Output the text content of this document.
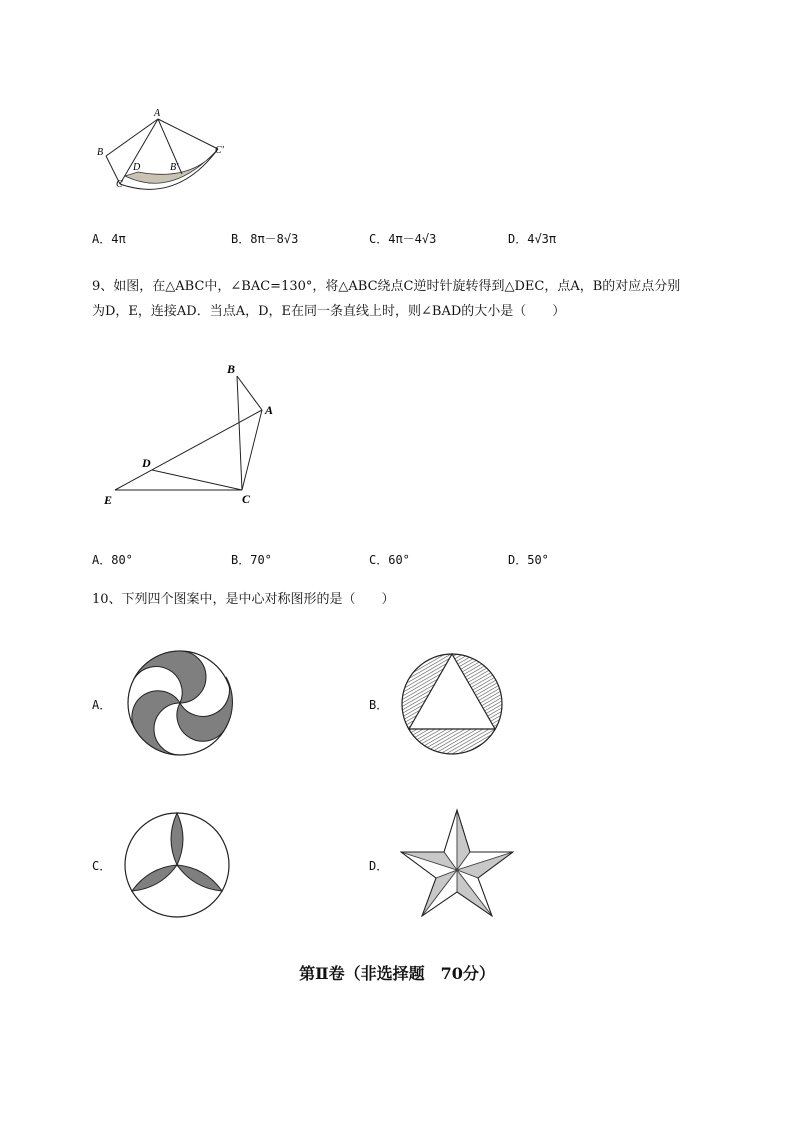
A
B
C
D	B'
C'
A．4π	B．8π－8√3	C．4π－4√3	D．4√3π
9、如图，在△ABC中，∠BAC=130°，将△ABC绕点C逆时针旋转得到△DEC，点A，B的对应点分别
为D，E，连接AD．当点A，D，E在同一条直线上时，则∠BAD的大小是（　　）
B
A
D
E	C
A．80°	B．70°	C．60°	D．50°
10、下列四个图案中，是中心对称图形的是（　　）
A．	B．
C．	D．
第Ⅱ卷（非选择题　70分）
